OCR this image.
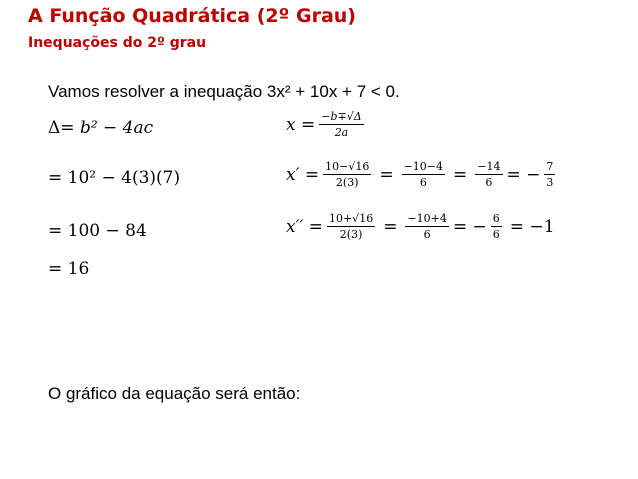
A Função Quadrática (2º Grau)
Inequações do 2º grau
Vamos resolver a inequação 3x² + 10x + 7 < 0.
Δ= b² − 4ac
= 10² − 4(3)(7)
= 100 − 84
= 16
$x = \frac{-b\mp√\Delta}{2a}$
$x' = \frac{10-√16}{2(3)} = \frac{-10-4}{6} = \frac{-14}{6}$ = − $\frac{7}{3}$
$x'' = \frac{10+√16}{2(3)} = \frac{-10+4}{6}$ = − $\frac{6}{6} = -1$
O gráfico da equação será então:
